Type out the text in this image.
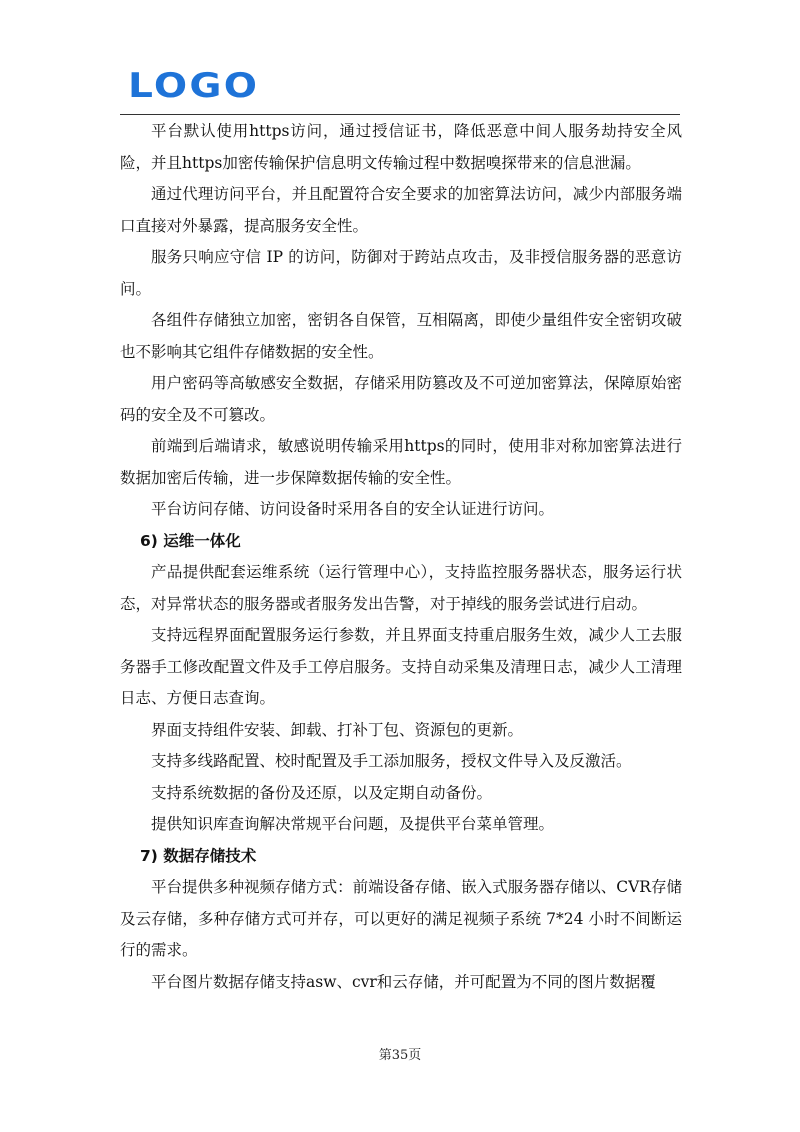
LOGO

平台默认使用https访问，通过授信证书，降低恶意中间人服务劫持安全风险，并且https加密传输保护信息明文传输过程中数据嗅探带来的信息泄漏。

通过代理访问平台，并且配置符合安全要求的加密算法访问，减少内部服务端口直接对外暴露，提高服务安全性。

服务只响应守信 IP 的访问，防御对于跨站点攻击，及非授信服务器的恶意访问。

各组件存储独立加密，密钥各自保管，互相隔离，即使少量组件安全密钥攻破也不影响其它组件存储数据的安全性。

用户密码等高敏感安全数据，存储采用防篡改及不可逆加密算法，保障原始密码的安全及不可篡改。

前端到后端请求，敏感说明传输采用https的同时，使用非对称加密算法进行数据加密后传输，进一步保障数据传输的安全性。

平台访问存储、访问设备时采用各自的安全认证进行访问。

6) 运维一体化

产品提供配套运维系统（运行管理中心），支持监控服务器状态，服务运行状态，对异常状态的服务器或者服务发出告警，对于掉线的服务尝试进行启动。

支持远程界面配置服务运行参数，并且界面支持重启服务生效，减少人工去服务器手工修改配置文件及手工停启服务。支持自动采集及清理日志，减少人工清理日志、方便日志查询。

界面支持组件安装、卸载、打补丁包、资源包的更新。

支持多线路配置、校时配置及手工添加服务，授权文件导入及反激活。

支持系统数据的备份及还原，以及定期自动备份。

提供知识库查询解决常规平台问题，及提供平台菜单管理。

7) 数据存储技术

平台提供多种视频存储方式：前端设备存储、嵌入式服务器存储以、CVR存储及云存储，多种存储方式可并存，可以更好的满足视频子系统 7*24 小时不间断运行的需求。

平台图片数据存储支持asw、cvr和云存储，并可配置为不同的图片数据覆

第35页
